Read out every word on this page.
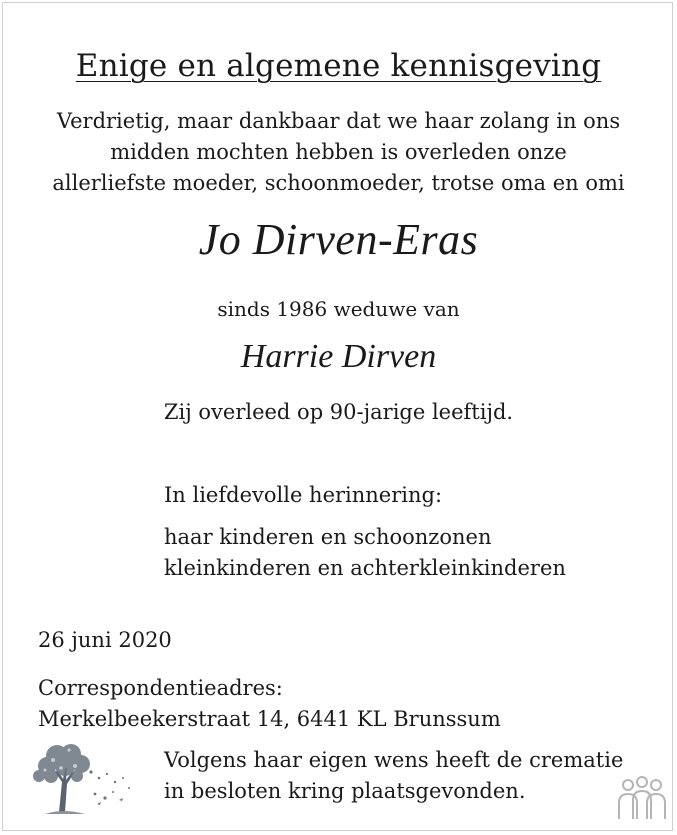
Enige en algemene kennisgeving
Verdrietig, maar dankbaar dat we haar zolang in ons
midden mochten hebben is overleden onze
allerliefste moeder, schoonmoeder, trotse oma en omi
Jo Dirven-Eras
sinds 1986 weduwe van
Harrie Dirven
Zij overleed op 90-jarige leeftijd.
In liefdevolle herinnering:
haar kinderen en schoonzonen
kleinkinderen en achterkleinkinderen
26 juni 2020
Correspondentieadres:
Merkelbeekerstraat 14, 6441 KL Brunssum
Volgens haar eigen wens heeft de crematie
in besloten kring plaatsgevonden.
